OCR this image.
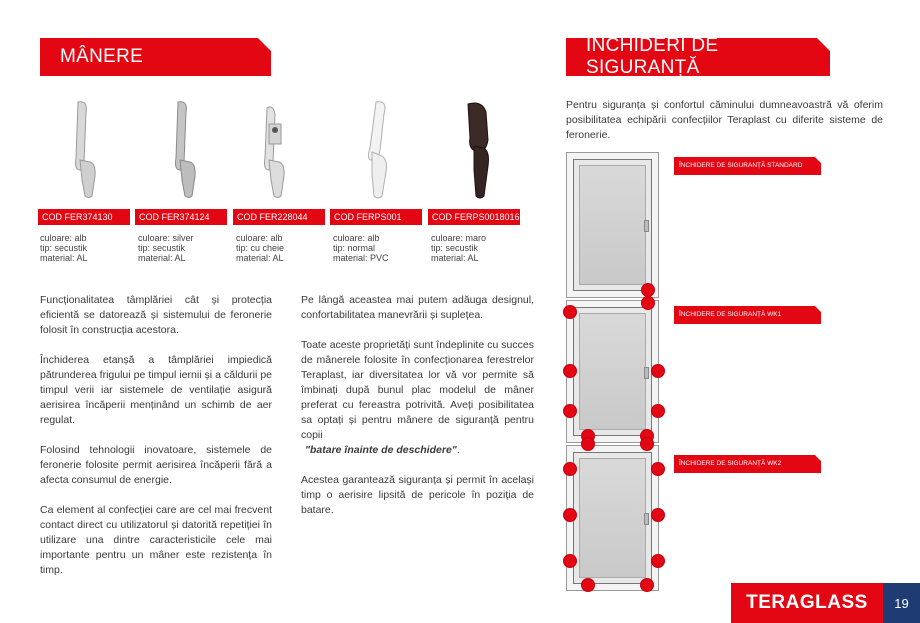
MÂNERE
ÎNCHIDERI DE SIGURANȚĂ
COD FER374130	COD FER374124	COD FER228044	COD FERPS001	COD FERPS0018016
culoare: alb
tip: secustik
material: AL
culoare: silver
tip: secustik
material: AL
culoare: alb
tip: cu cheie
material: AL
culoare: alb
tip: normal
material: PVC
culoare: maro
tip: secustik
material: AL

Funcționalitatea tâmplăriei cât și protecția eficientă se datorează și sistemului de feronerie folosit în construcția acestora.

Închiderea etanșă a tâmplăriei impiedică pătrunderea frigului pe timpul iernii și a căldurii pe timpul verii iar sistemele de ventilație asigură aerisirea încăperii menținând un schimb de aer regulat.

Folosind tehnologii inovatoare, sistemele de feronerie folosite permit aerisirea încăperii fără a afecta consumul de energie.

Ca element al confecției care are cel mai frecvent contact direct cu utilizatorul și datorită repetiției în utilizare una dintre caracteristicile cele mai importante pentru un mâner este rezistența în timp.

Pe lângă aceastea mai putem adăuga designul, confortabilitatea manevrării și suplețea.

Toate aceste proprietăți sunt îndeplinite cu succes de mânerele folosite în confecționarea ferestrelor Teraplast, iar diversitatea lor vă vor permite să îmbinați după bunul plac modelul de mâner preferat cu fereastra potrivită. Aveți posibilitatea sa optați și pentru mânere de siguranță pentru copii

"batare înainte de deschidere".

Acestea garantează siguranța și permit în același timp o aerisire lipsită de pericole în poziția de batare.

Pentru siguranța și confortul căminului dumneavoastră vă oferim posibilitatea echipării confecțiilor Teraplast cu diferite sisteme de feronerie.

ÎNCHIDERE DE SIGURANȚĂ STANDARD
ÎNCHIDERE DE SIGURANȚĂ WK1
ÎNCHIDERE DE SIGURANȚĂ WK2
TERAGLASS 19
